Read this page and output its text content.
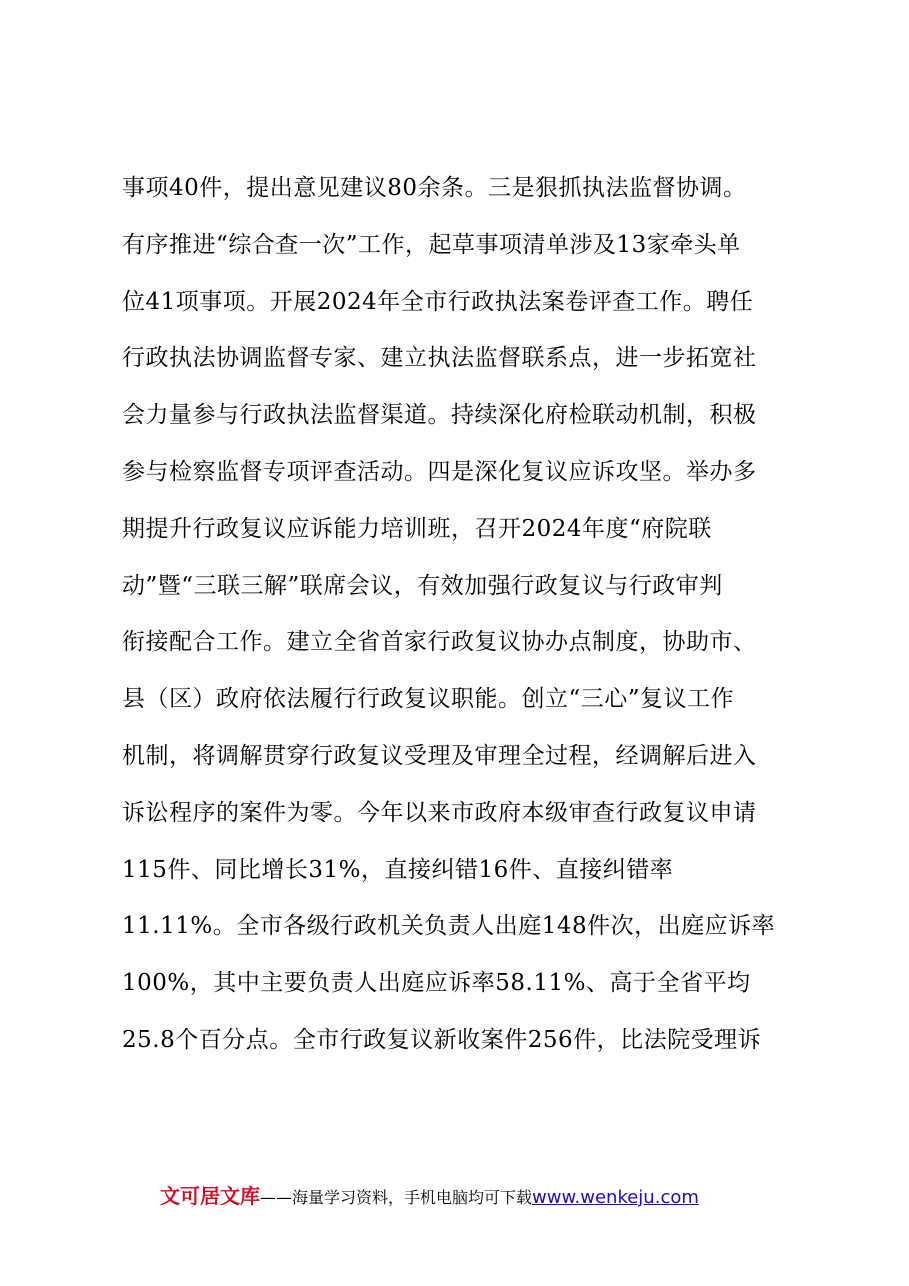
事项40件，提出意见建议80余条。三是狠抓执法监督协调。
有序推进“综合查一次”工作，起草事项清单涉及13家牵头单
位41项事项。开展2024年全市行政执法案卷评查工作。聘任
行政执法协调监督专家、建立执法监督联系点，进一步拓宽社
会力量参与行政执法监督渠道。持续深化府检联动机制，积极
参与检察监督专项评查活动。四是深化复议应诉攻坚。举办多
期提升行政复议应诉能力培训班，召开2024年度“府院联
动”暨“三联三解”联席会议，有效加强行政复议与行政审判
衔接配合工作。建立全省首家行政复议协办点制度，协助市、
县（区）政府依法履行行政复议职能。创立“三心”复议工作
机制，将调解贯穿行政复议受理及审理全过程，经调解后进入
诉讼程序的案件为零。今年以来市政府本级审查行政复议申请
115件、同比增长31%，直接纠错16件、直接纠错率
11.11%。全市各级行政机关负责人出庭148件次，出庭应诉率
100%，其中主要负责人出庭应诉率58.11%、高于全省平均
25.8个百分点。全市行政复议新收案件256件，比法院受理诉
文可居文库——海量学习资料，手机电脑均可下载www.wenkeju.com
